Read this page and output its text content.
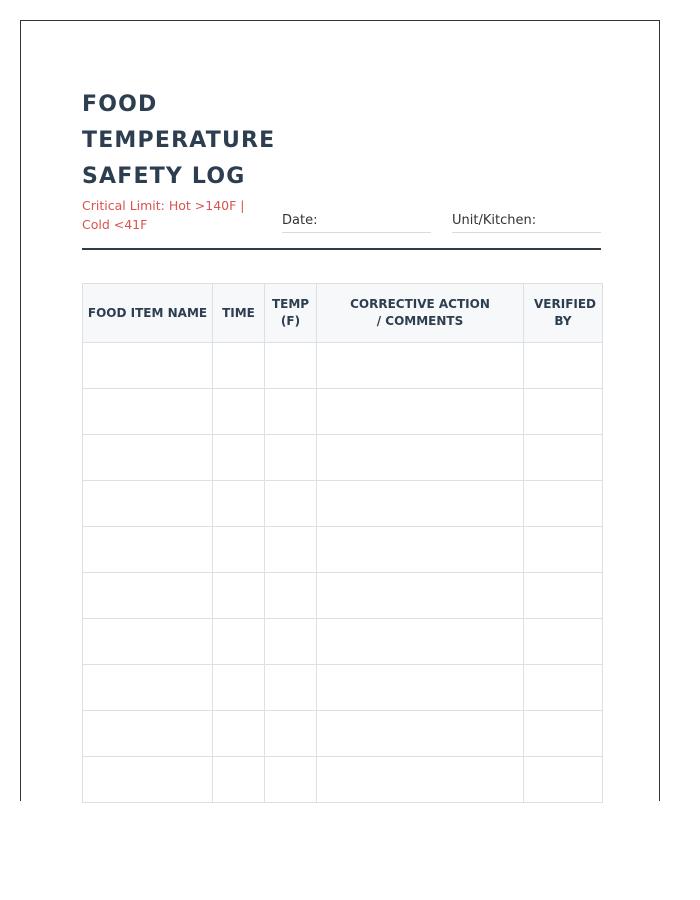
FOOD
TEMPERATURE
SAFETY LOG
Critical Limit: Hot >140F | Cold <41F	Date:	Unit/Kitchen:
FOOD ITEM NAME	TIME	TEMP (F)	CORRECTIVE ACTION / COMMENTS	VERIFIED BY
